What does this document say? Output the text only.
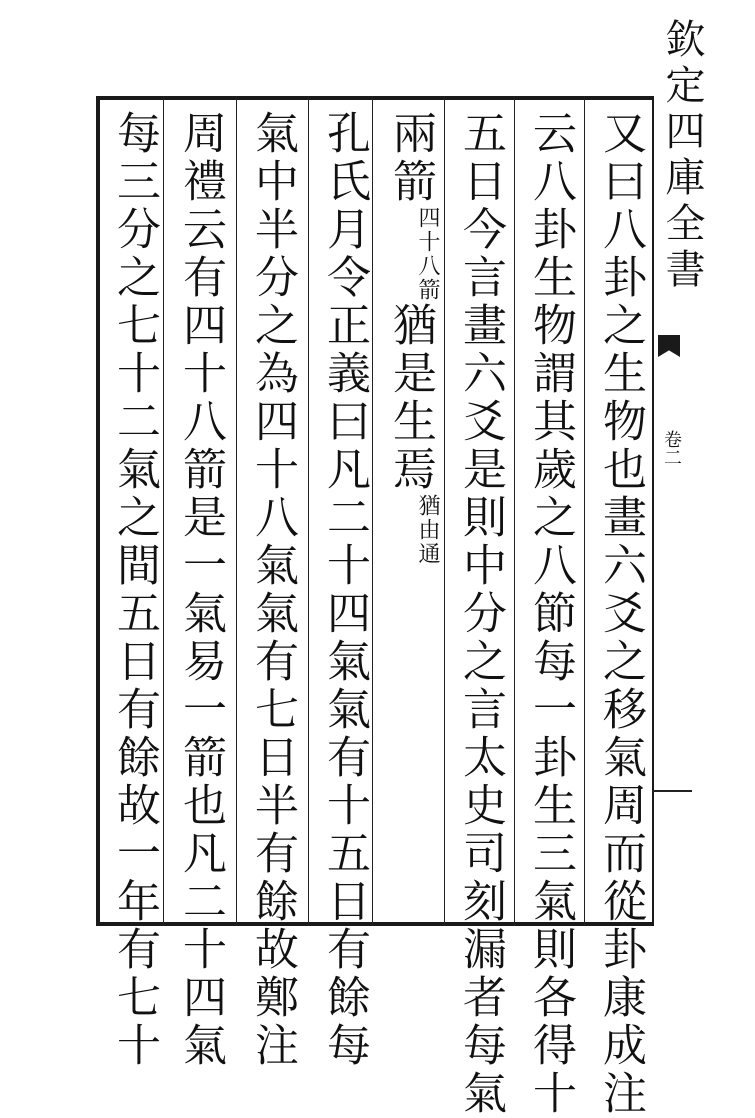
欽定四庫全書
卷二
又曰八卦之生物也畫六爻之移氣周而從卦康成注
云八卦生物謂其歲之八節每一卦生三氣則各得十
五日今言畫六爻是則中分之言太史司刻漏者每氣
兩箭四十八箭猶是生焉猶由通
孔氏月令正義曰凡二十四氣氣有十五日有餘每
氣中半分之為四十八氣氣有七日半有餘故鄭注
周禮云有四十八箭是一氣易一箭也凡二十四氣
每三分之七十二氣之間五日有餘故一年有七十
